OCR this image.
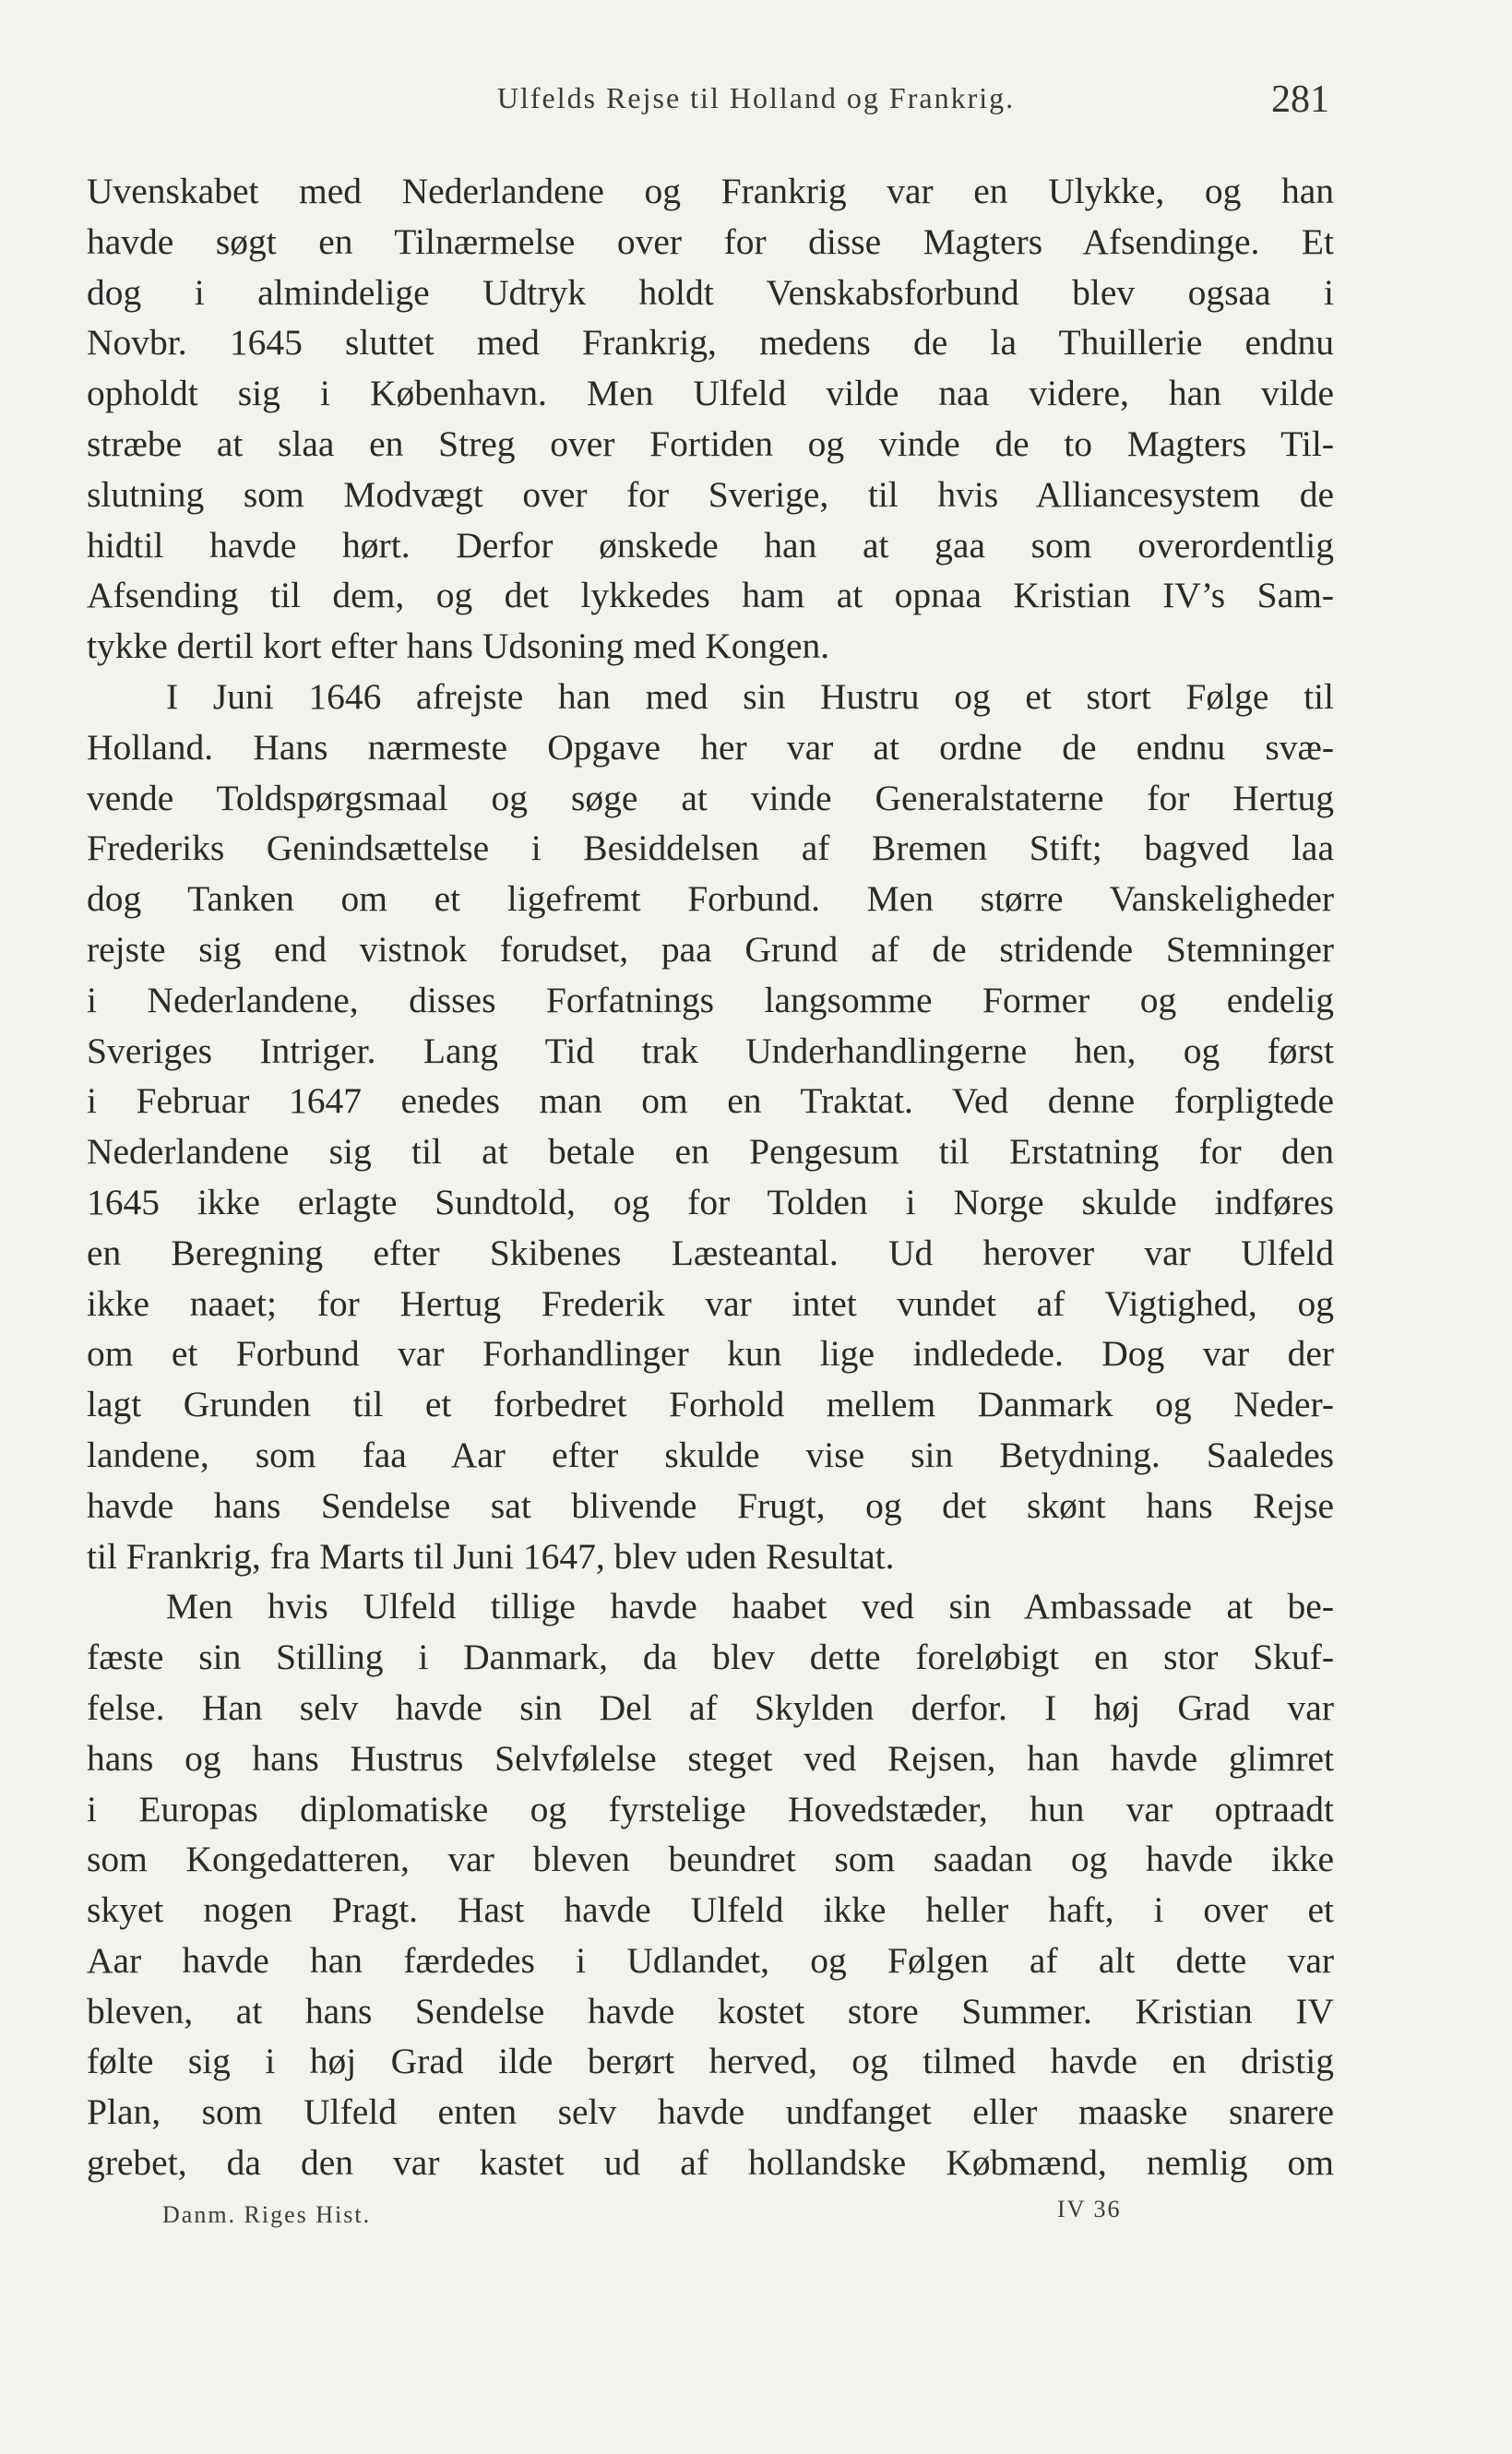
Ulfelds Rejse til Holland og Frankrig.	281
Uvenskabet med Nederlandene og Frankrig var en Ulykke, og han
havde søgt en Tilnærmelse over for disse Magters Afsendinge. Et
dog i almindelige Udtryk holdt Venskabsforbund blev ogsaa i
Novbr. 1645 sluttet med Frankrig, medens de la Thuillerie endnu
opholdt sig i København. Men Ulfeld vilde naa videre, han vilde
stræbe at slaa en Streg over Fortiden og vinde de to Magters Til-
slutning som Modvægt over for Sverige, til hvis Alliancesystem de
hidtil havde hørt. Derfor ønskede han at gaa som overordentlig
Afsending til dem, og det lykkedes ham at opnaa Kristian IV’s Sam-
tykke dertil kort efter hans Udsoning med Kongen.
I Juni 1646 afrejste han med sin Hustru og et stort Følge til
Holland. Hans nærmeste Opgave her var at ordne de endnu svæ-
vende Toldspørgsmaal og søge at vinde Generalstaterne for Hertug
Frederiks Genindsættelse i Besiddelsen af Bremen Stift; bagved laa
dog Tanken om et ligefremt Forbund. Men større Vanskeligheder
rejste sig end vistnok forudset, paa Grund af de stridende Stemninger
i Nederlandene, disses Forfatnings langsomme Former og endelig
Sveriges Intriger. Lang Tid trak Underhandlingerne hen, og først
i Februar 1647 enedes man om en Traktat. Ved denne forpligtede
Nederlandene sig til at betale en Pengesum til Erstatning for den
1645 ikke erlagte Sundtold, og for Tolden i Norge skulde indføres
en Beregning efter Skibenes Læsteantal. Ud herover var Ulfeld
ikke naaet; for Hertug Frederik var intet vundet af Vigtighed, og
om et Forbund var Forhandlinger kun lige indledede. Dog var der
lagt Grunden til et forbedret Forhold mellem Danmark og Neder-
landene, som faa Aar efter skulde vise sin Betydning. Saaledes
havde hans Sendelse sat blivende Frugt, og det skønt hans Rejse
til Frankrig, fra Marts til Juni 1647, blev uden Resultat.
Men hvis Ulfeld tillige havde haabet ved sin Ambassade at be-
fæste sin Stilling i Danmark, da blev dette foreløbigt en stor Skuf-
felse. Han selv havde sin Del af Skylden derfor. I høj Grad var
hans og hans Hustrus Selvfølelse steget ved Rejsen, han havde glimret
i Europas diplomatiske og fyrstelige Hovedstæder, hun var optraadt
som Kongedatteren, var bleven beundret som saadan og havde ikke
skyet nogen Pragt. Hast havde Ulfeld ikke heller haft, i over et
Aar havde han færdedes i Udlandet, og Følgen af alt dette var
bleven, at hans Sendelse havde kostet store Summer. Kristian IV
følte sig i høj Grad ilde berørt herved, og tilmed havde en dristig
Plan, som Ulfeld enten selv havde undfanget eller maaske snarere
grebet, da den var kastet ud af hollandske Købmænd, nemlig om
Danm. Riges Hist.	IV 36
